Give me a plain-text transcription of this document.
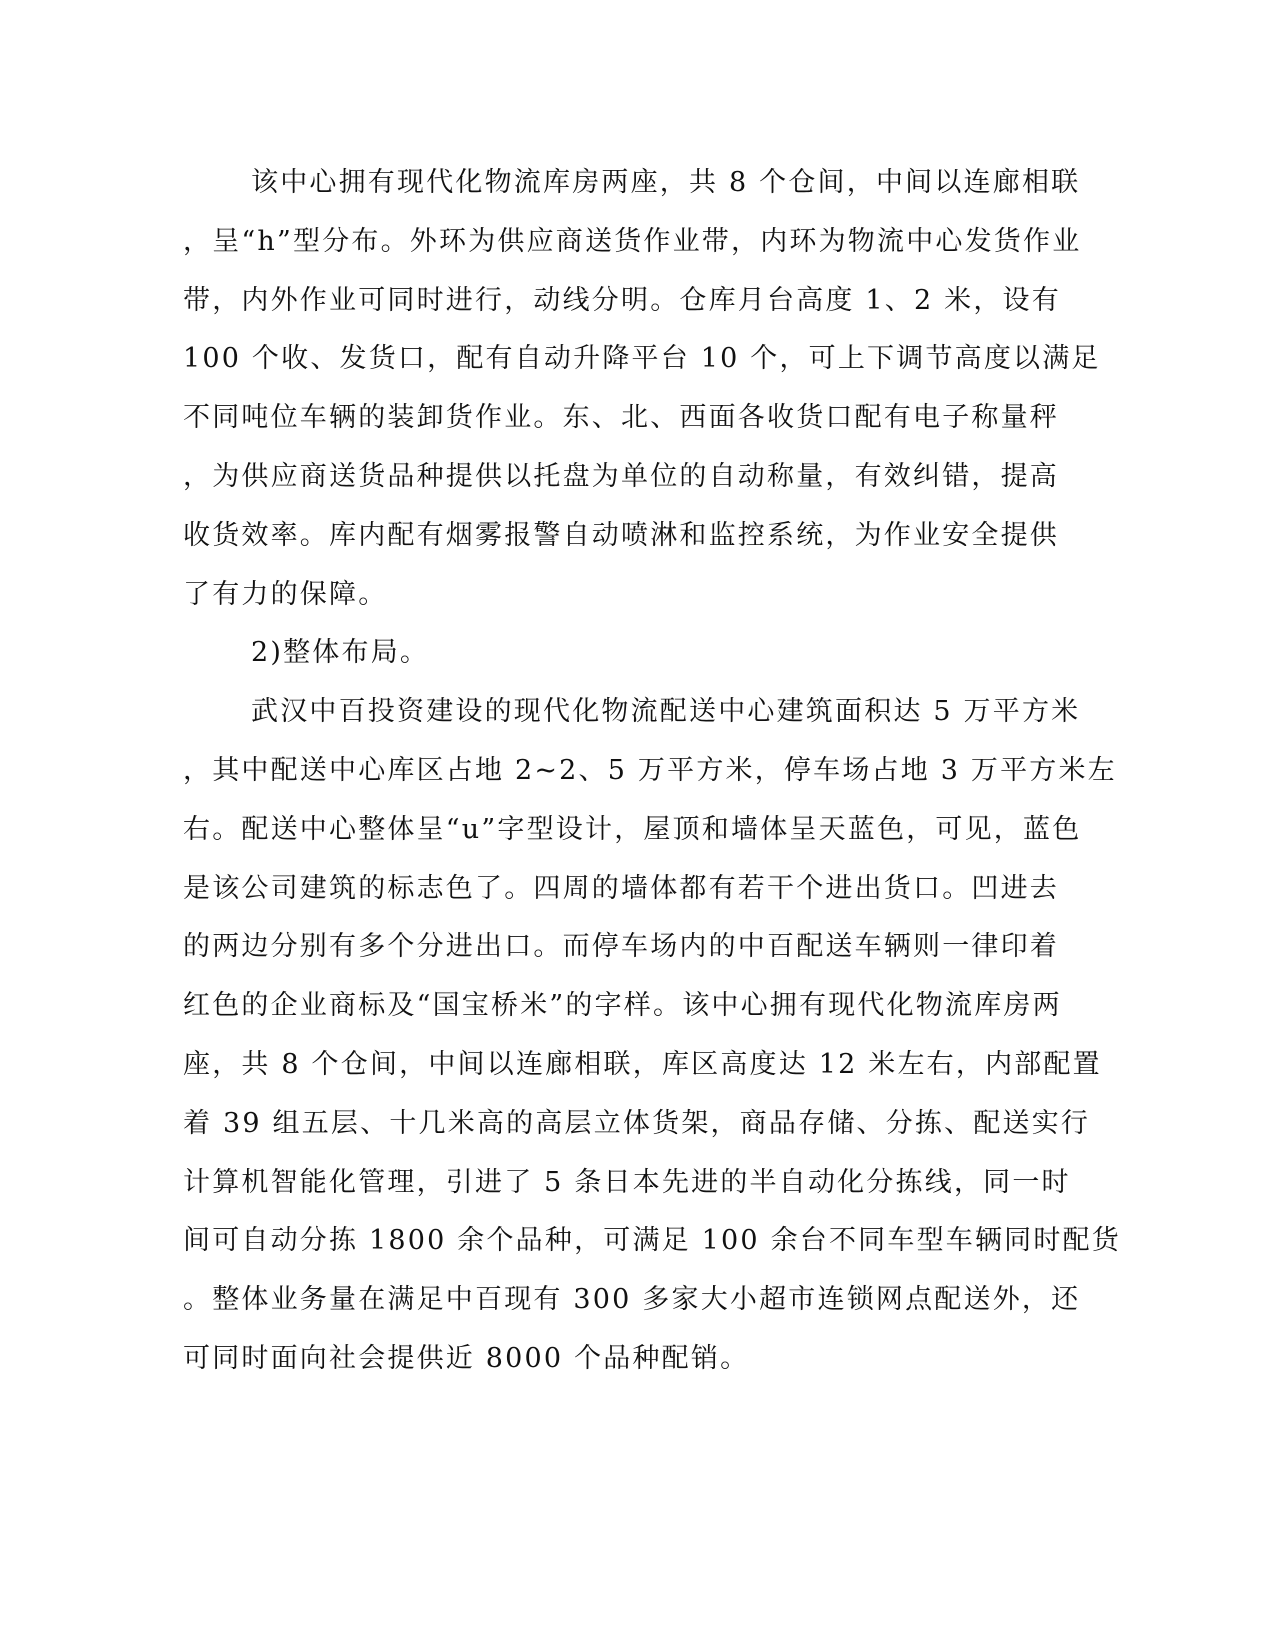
该中心拥有现代化物流库房两座，共 8 个仓间，中间以连廊相联
，呈“h”型分布。外环为供应商送货作业带，内环为物流中心发货作业
带，内外作业可同时进行，动线分明。仓库月台高度 1、2 米，设有
100 个收、发货口，配有自动升降平台 10 个，可上下调节高度以满足
不同吨位车辆的装卸货作业。东、北、西面各收货口配有电子称量秤
，为供应商送货品种提供以托盘为单位的自动称量，有效纠错，提高
收货效率。库内配有烟雾报警自动喷淋和监控系统，为作业安全提供
了有力的保障。
2)整体布局。
武汉中百投资建设的现代化物流配送中心建筑面积达 5 万平方米
，其中配送中心库区占地 2~2、5 万平方米，停车场占地 3 万平方米左
右。配送中心整体呈“u”字型设计，屋顶和墙体呈天蓝色，可见，蓝色
是该公司建筑的标志色了。四周的墙体都有若干个进出货口。凹进去
的两边分别有多个分进出口。而停车场内的中百配送车辆则一律印着
红色的企业商标及“国宝桥米”的字样。该中心拥有现代化物流库房两
座，共 8 个仓间，中间以连廊相联，库区高度达 12 米左右，内部配置
着 39 组五层、十几米高的高层立体货架，商品存储、分拣、配送实行
计算机智能化管理，引进了 5 条日本先进的半自动化分拣线，同一时
间可自动分拣 1800 余个品种，可满足 100 余台不同车型车辆同时配货
。整体业务量在满足中百现有 300 多家大小超市连锁网点配送外，还
可同时面向社会提供近 8000 个品种配销。
